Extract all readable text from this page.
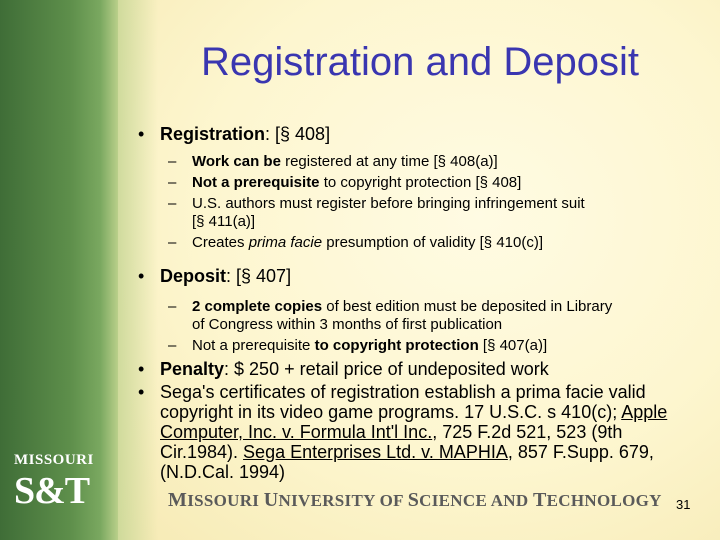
MISSOURI
S&T
Registration and Deposit
• Registration: [§ 408]
– Work can be registered at any time [§ 408(a)]
– Not a prerequisite to copyright protection [§ 408]
– U.S. authors must register before bringing infringement suit
[§ 411(a)]
– Creates prima facie presumption of validity [§ 410(c)]
• Deposit: [§ 407]
– 2 complete copies of best edition must be deposited in Library
of Congress within 3 months of first publication
– Not a prerequisite to copyright protection [§ 407(a)]
• Penalty: $ 250 + retail price of undeposited work
• Sega's certificates of registration establish a prima facie valid copyright in its video game programs. 17 U.S.C. s 410(c); Apple Computer, Inc. v. Formula Int'l Inc., 725 F.2d 521, 523 (9th Cir.1984). Sega Enterprises Ltd. v. MAPHIA, 857 F.Supp. 679, (N.D.Cal. 1994)
MISSOURI UNIVERSITY OF SCIENCE AND TECHNOLOGY	31
